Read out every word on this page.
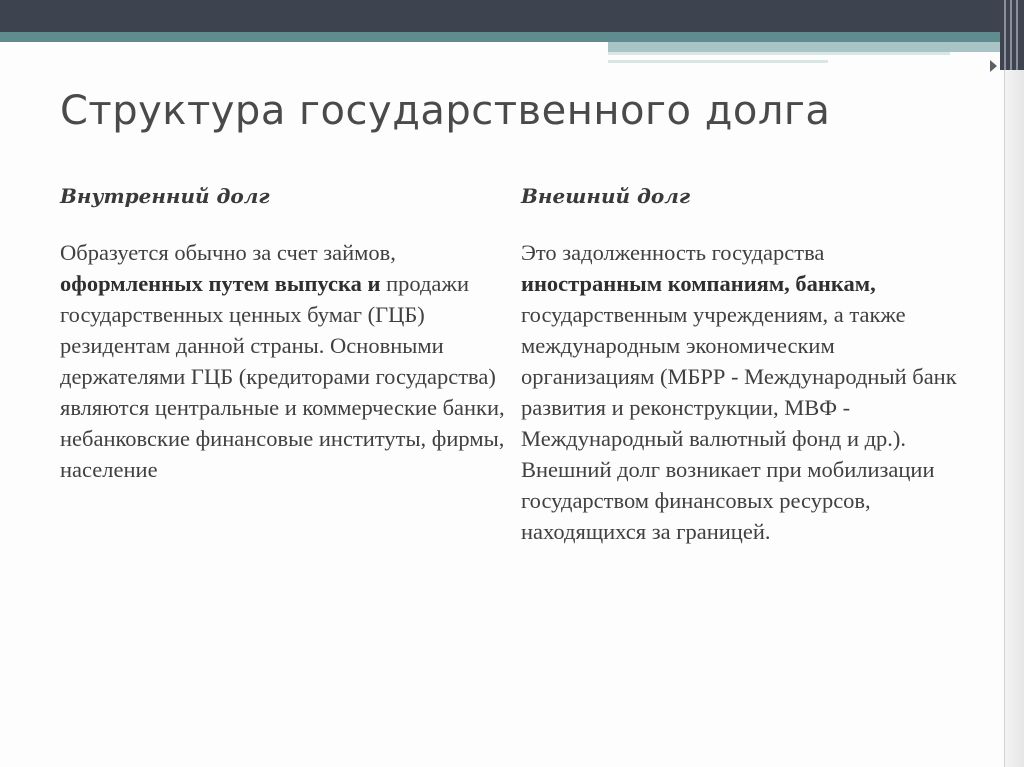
Структура государственного долга
Внутренний долг

Образуется обычно за счет займов, оформленных путем выпуска и продажи государственных ценных бумаг (ГЦБ) резидентам данной страны. Основными держателями ГЦБ (кредиторами государства) являются центральные и коммерческие банки, небанковские финансовые институты, фирмы, население

Внешний долг

Это задолженность государства иностранным компаниям, банкам, государственным учреждениям, а также международным экономическим организациям (МБРР - Международный банк развития и реконструкции, МВФ - Международный валютный фонд и др.). Внешний долг возникает при мобилизации государством финансовых ресурсов, находящихся за границей.
